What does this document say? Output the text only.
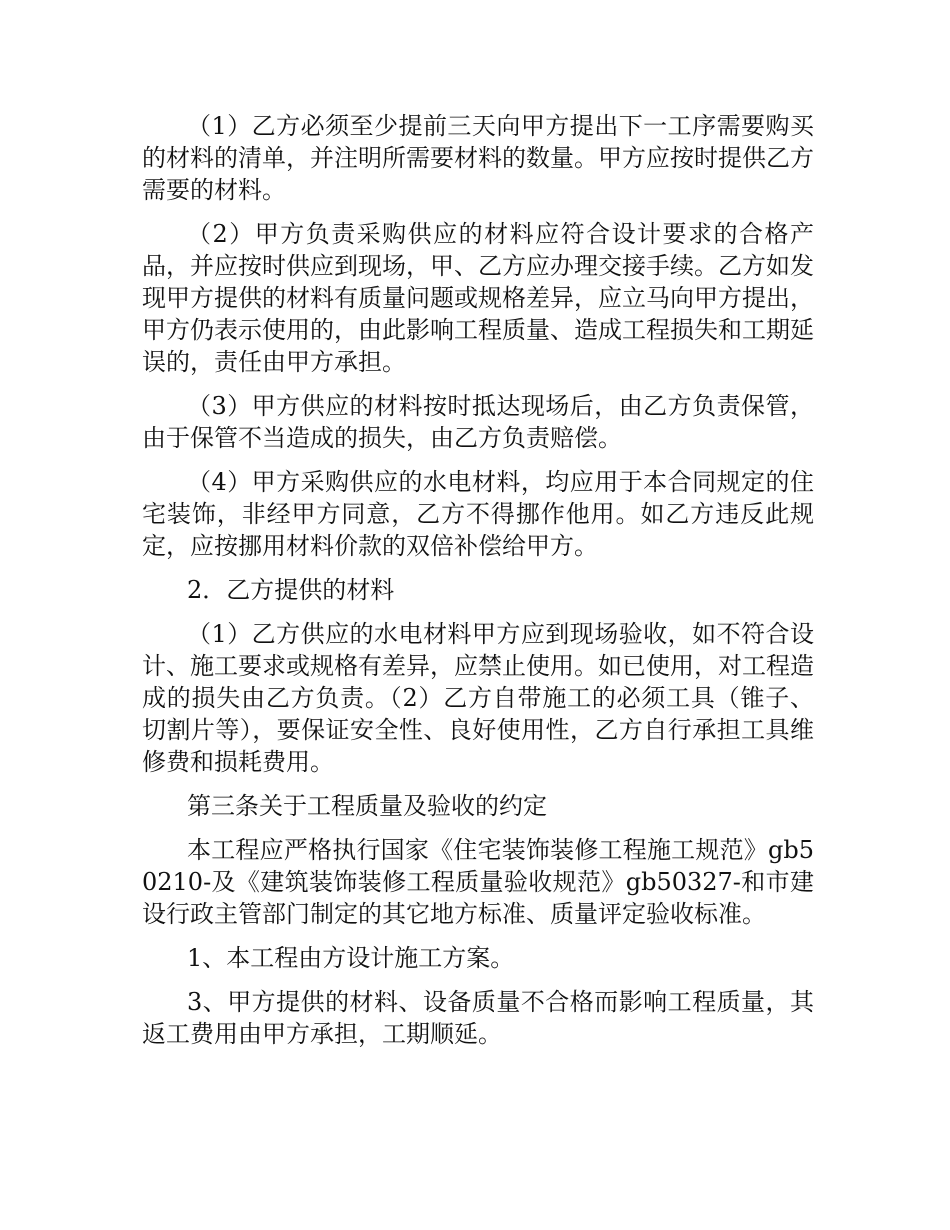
（1）乙方必须至少提前三天向甲方提出下一工序需要购买的材料的清单，并注明所需要材料的数量。甲方应按时提供乙方需要的材料。

（2）甲方负责采购供应的材料应符合设计要求的合格产品，并应按时供应到现场，甲、乙方应办理交接手续。乙方如发现甲方提供的材料有质量问题或规格差异，应立马向甲方提出，甲方仍表示使用的，由此影响工程质量、造成工程损失和工期延误的，责任由甲方承担。

（3）甲方供应的材料按时抵达现场后，由乙方负责保管，由于保管不当造成的损失，由乙方负责赔偿。

（4）甲方采购供应的水电材料，均应用于本合同规定的住宅装饰，非经甲方同意，乙方不得挪作他用。如乙方违反此规定，应按挪用材料价款的双倍补偿给甲方。

2．乙方提供的材料

（1）乙方供应的水电材料甲方应到现场验收，如不符合设计、施工要求或规格有差异，应禁止使用。如已使用，对工程造成的损失由乙方负责。（2）乙方自带施工的必须工具（锥子、切割片等），要保证安全性、良好使用性，乙方自行承担工具维修费和损耗费用。

第三条关于工程质量及验收的约定

本工程应严格执行国家《住宅装饰装修工程施工规范》gb50210-及《建筑装饰装修工程质量验收规范》gb50327-和市建设行政主管部门制定的其它地方标准、质量评定验收标准。

1、本工程由方设计施工方案。

3、甲方提供的材料、设备质量不合格而影响工程质量，其返工费用由甲方承担，工期顺延。
